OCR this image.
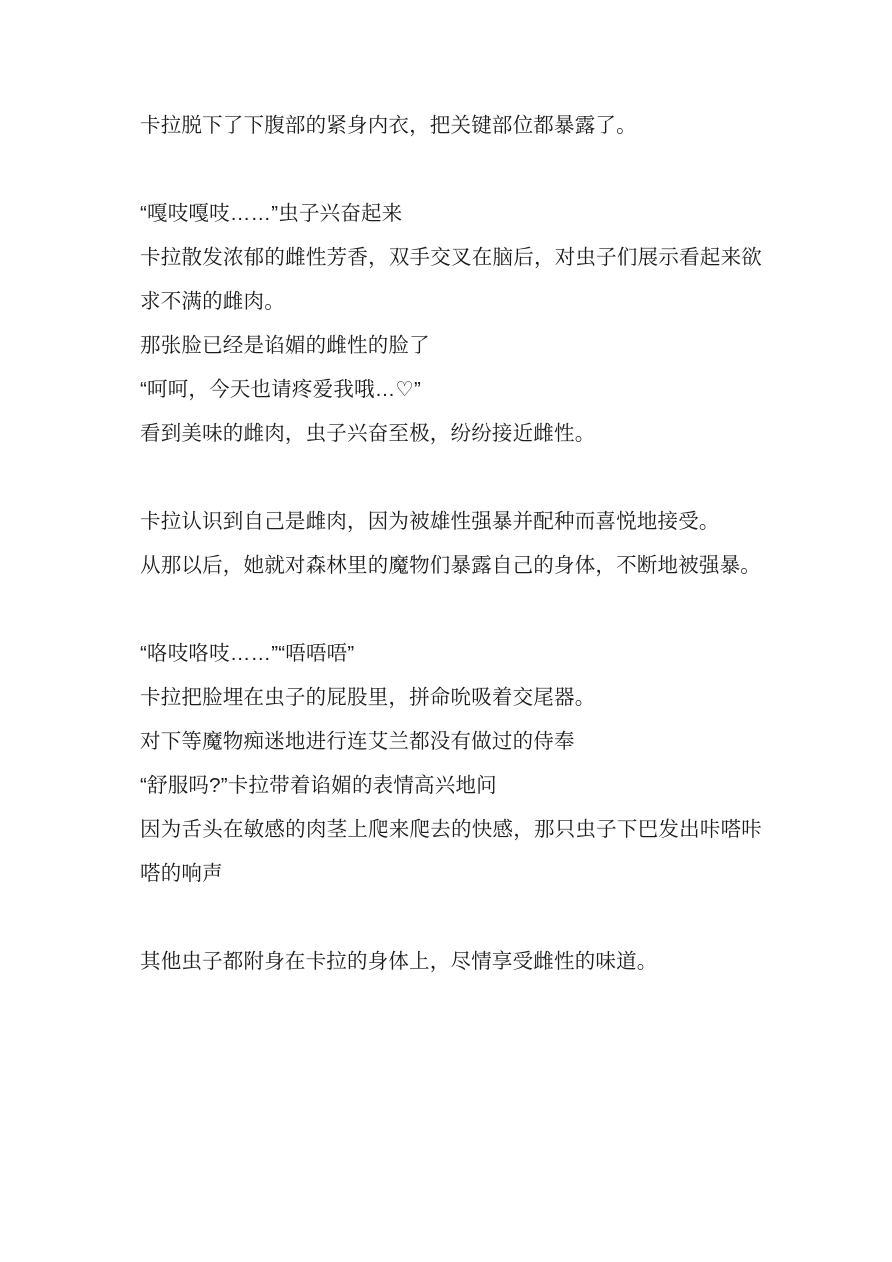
卡拉脱下了下腹部的紧身内衣，把关键部位都暴露了。

“嘎吱嘎吱……”虫子兴奋起来

卡拉散发浓郁的雌性芳香，双手交叉在脑后，对虫子们展示看起来欲求不满的雌肉。

那张脸已经是谄媚的雌性的脸了

“呵呵，今天也请疼爱我哦…♡”

看到美味的雌肉，虫子兴奋至极，纷纷接近雌性。

卡拉认识到自己是雌肉，因为被雄性强暴并配种而喜悦地接受。

从那以后，她就对森林里的魔物们暴露自己的身体，不断地被强暴。

“咯吱咯吱……”“唔唔唔”

卡拉把脸埋在虫子的屁股里，拼命吮吸着交尾器。

对下等魔物痴迷地进行连艾兰都没有做过的侍奉

“舒服吗?”卡拉带着谄媚的表情高兴地问

因为舌头在敏感的肉茎上爬来爬去的快感，那只虫子下巴发出咔嗒咔嗒的响声

其他虫子都附身在卡拉的身体上，尽情享受雌性的味道。
